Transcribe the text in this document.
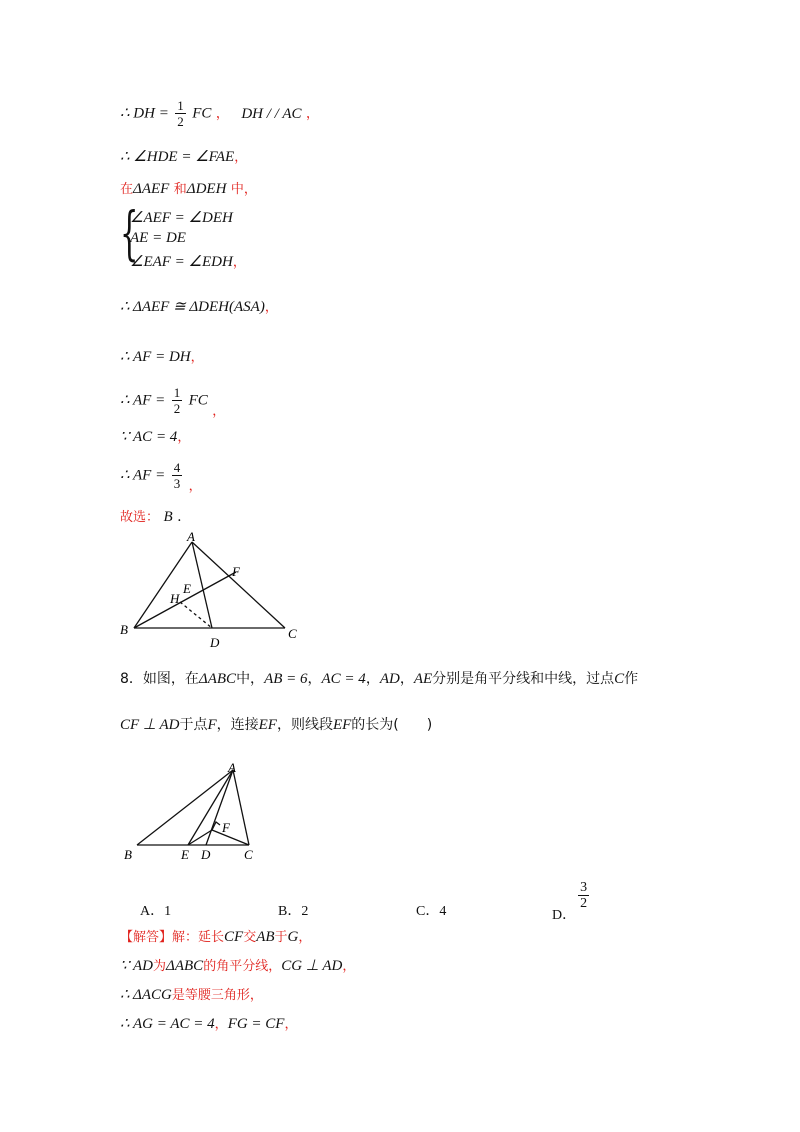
∴ DH = $\frac{1}{2}$ FC ， DH / / AC ，
∴ ∠HDE = ∠FAE，
在ΔAEF 和ΔDEH 中，
{
∠AEF = ∠DEH
AE = DE
∠EAF = ∠EDH，
∴ ΔAEF ≅ ΔDEH(ASA)，
∴ AF = DH，
∴ AF = $\frac{1}{2}$ FC ，
∵ AC = 4，
∴ AF = $\frac{4}{3}$ ，
故选： B .
A
F
E
H
B
D
C
8．如图，在ΔABC中，AB = 6，AC = 4，AD，AE分别是角平分线和中线，过点C作
CF ⊥ AD于点F，连接EF，则线段EF的长为(　　)
A
F
B	E D	C
A．1	B．2	C．4	D．
$\frac{3}{2}$
【解答】解：延长CF交AB于G，
∵ AD为ΔABC的角平分线，CG ⊥ AD，
∴ ΔACG是等腰三角形，
∴ AG = AC = 4，FG = CF，
